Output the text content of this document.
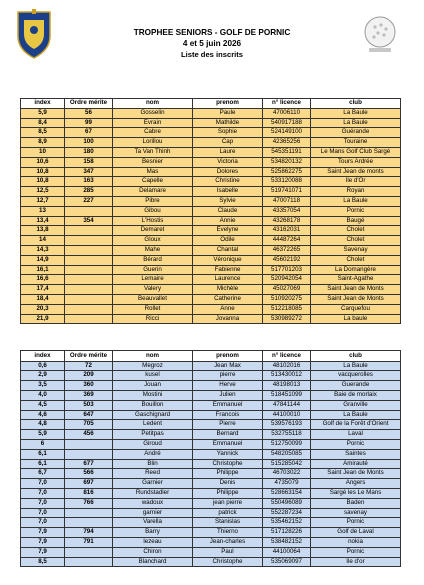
TROPHEE SENIORS - GOLF DE PORNIC
4 et 5 juin 2026
Liste des inscrits
index	Ordre mérite	nom	prenom	n° licence	club
5,9	56	Gosselin	Paule	47006110	La Baule
8,4	99	Evrain	Mathilde	540917188	La Baule
8,5	67	Cabre	Sophie	524149100	Guérande
8,9	100	Lorillou	Cap	42365256	Touraine
10	180	Ta Van Thinh	Laure	545351191	Le Mans Golf Club Sargé
10,6	158	Besnier	Victoria	534820132	Tours Ardrée
10,8	347	Mas	Dolores	525862275	Saint Jean de monts
10,8	163	Capelle	Christine	533120088	Ile d'Or
12,5	285	Delamare	Isabelle	519741071	Royan
12,7	227	Pibre	Sylvie	47007118	La Baule
13		Gibou	Claude	43357054	Pornic
13,4	354	L'Hostis	Annie	43268178	Baugé
13,8		Demaret	Évelyne	43162031	Cholet
14		Gloux	Odile	44487264	Cholet
14,3		Mahe	Chantal	46372265	Savenay
14,9		Bérard	Véronique	45602192	Cholet
16,1		Guerin	Fabienne	517701203	La Domangère
16,6		Lemaire	Laurence	520942054	Saint-Agathe
17,4		Valery	Michèle	45027069	Saint Jean de Monts
18,4		Beauvallet	Catherine	510920275	Saint Jean de Monts
20,3		Rollet	Anne	512218085	Carquefou
21,9		Ricci	Jovanna	530989272	La baule
index	Ordre mérite	nom	prenom	n° licence	club
0,6	72	Megroz	Jean Max	48102016	La Baule
2,9	209	kusel	pierre	513430012	vacquerolles
3,5	360	Jouan	Herve	48198013	Guerande
4,0	369	Mostini	Julien	518451099	Baie de morlaix
4,5	503	Bouillon	Emmanuel	47841144	Granville
4,6	647	Gaschignard	Francois	44100010	La Baule
4,8	705	Ledent	Pierre	539576193	Golf de la Forêt d'Orient
5,9	456	Petitpas	Bernard	532755118	Laval
6		Giroud	Emmanuel	512750099	Pornic
6,1		André	Yannick	548205085	Saintes
6,1	677	Blin	Christophe	515285042	Amirauté
6,7	566	Reed	Philippe	46703022	Saint Jean de Monts
7,0	697	Garnier	Denis	4735079	Angers
7,0	816	Rundstadler	Philippe	528663154	Sargé les Le Mans
7,0	766	wadoux	jean pierre	550496089	Baden
7,0		garnier	patrick	552287234	savenay
7,0		Varella	Stanislas	535462152	Pornic
7,9	794	Barry	Thierno	517128226	Golf de Laval
7,9	791	lezeau	Jean-charles	538482152	nokia
7,9		Chiron	Paul	44100064	Pornic
8,5		Blanchard	Christophe	535069097	Ile d'or
